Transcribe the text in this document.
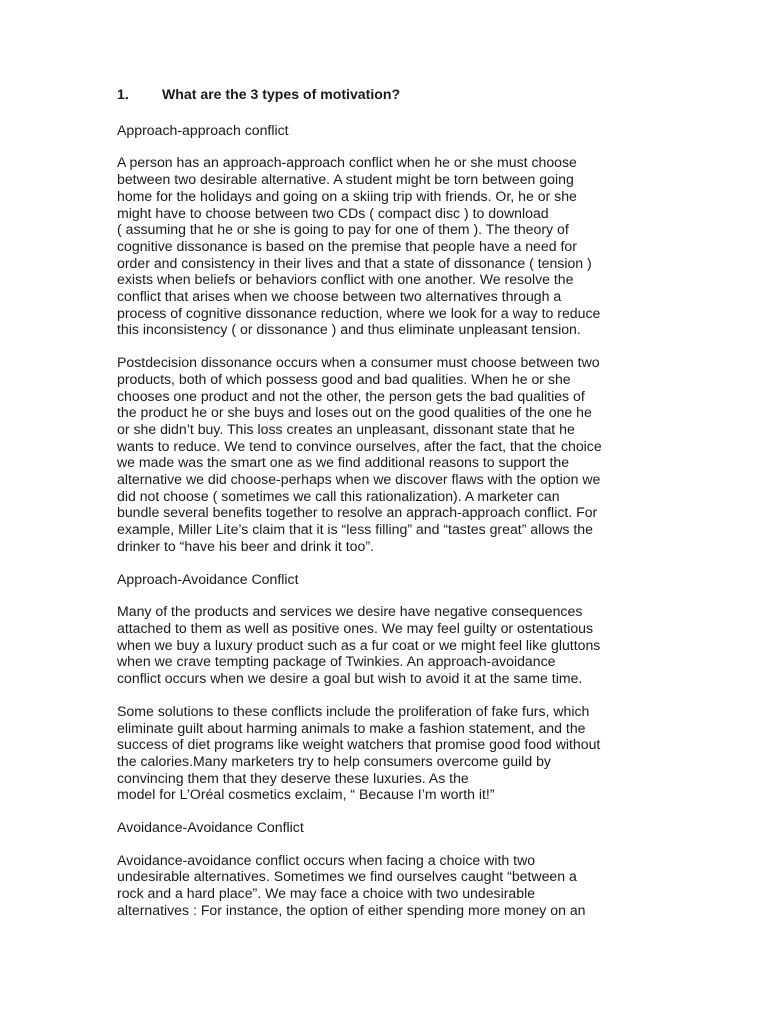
1. What are the 3 types of motivation?
Approach-approach conflict
A person has an approach-approach conflict when he or she must choose
between two desirable alternative. A student might be torn between going
home for the holidays and going on a skiing trip with friends. Or, he or she
might have to choose between two CDs ( compact disc ) to download
( assuming that he or she is going to pay for one of them ). The theory of
cognitive dissonance is based on the premise that people have a need for
order and consistency in their lives and that a state of dissonance ( tension )
exists when beliefs or behaviors conflict with one another. We resolve the
conflict that arises when we choose between two alternatives through a
process of cognitive dissonance reduction, where we look for a way to reduce
this inconsistency ( or dissonance ) and thus eliminate unpleasant tension.
Postdecision dissonance occurs when a consumer must choose between two
products, both of which possess good and bad qualities. When he or she
chooses one product and not the other, the person gets the bad qualities of
the product he or she buys and loses out on the good qualities of the one he
or she didn’t buy. This loss creates an unpleasant, dissonant state that he
wants to reduce. We tend to convince ourselves, after the fact, that the choice
we made was the smart one as we find additional reasons to support the
alternative we did choose-perhaps when we discover flaws with the option we
did not choose ( sometimes we call this rationalization). A marketer can
bundle several benefits together to resolve an apprach-approach conflict. For
example, Miller Lite’s claim that it is “less filling” and “tastes great” allows the
drinker to “have his beer and drink it too”.
Approach-Avoidance Conflict
Many of the products and services we desire have negative consequences
attached to them as well as positive ones. We may feel guilty or ostentatious
when we buy a luxury product such as a fur coat or we might feel like gluttons
when we crave tempting package of Twinkies. An approach-avoidance
conflict occurs when we desire a goal but wish to avoid it at the same time.
Some solutions to these conflicts include the proliferation of fake furs, which
eliminate guilt about harming animals to make a fashion statement, and the
success of diet programs like weight watchers that promise good food without
the calories.Many marketers try to help consumers overcome guild by
convincing them that they deserve these luxuries. As the
model for L’Oréal cosmetics exclaim, “ Because I’m worth it!”
Avoidance-Avoidance Conflict
Avoidance-avoidance conflict occurs when facing a choice with two
undesirable alternatives. Sometimes we find ourselves caught “between a
rock and a hard place”. We may face a choice with two undesirable
alternatives : For instance, the option of either spending more money on an
